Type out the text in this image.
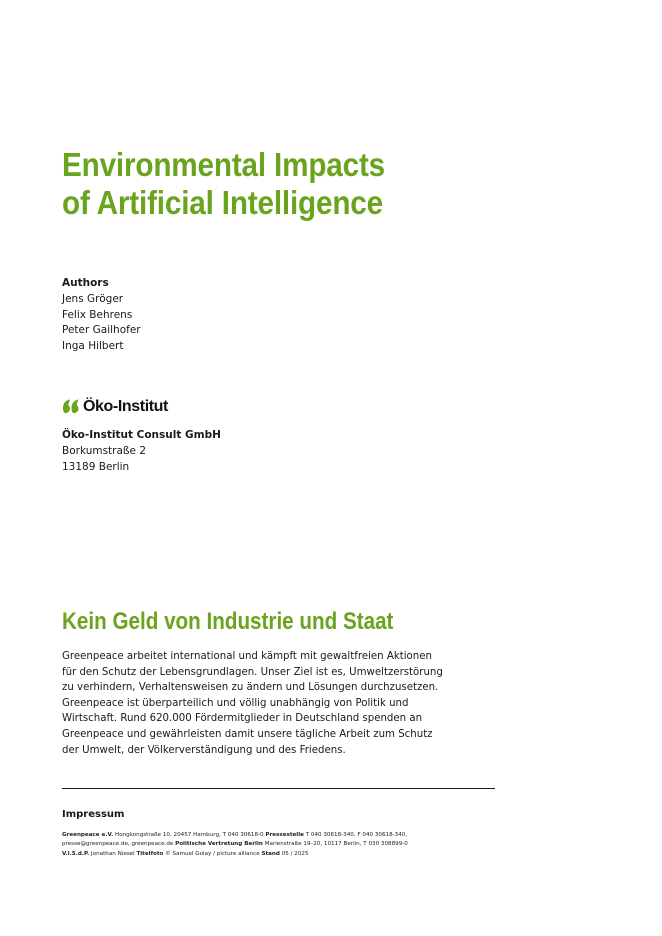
Environmental Impacts
of Artificial Intelligence
Authors
Jens Gröger
Felix Behrens
Peter Gailhofer
Inga Hilbert
Öko-Institut
Öko-Institut Consult GmbH
Borkumstraße 2
13189 Berlin
Kein Geld von Industrie und Staat
Greenpeace arbeitet international und kämpft mit gewaltfreien Aktionen
für den Schutz der Lebensgrundlagen. Unser Ziel ist es, Umweltzerstörung
zu verhindern, Verhaltensweisen zu ändern und Lösungen durchzusetzen.
Greenpeace ist überparteilich und völlig unabhängig von Politik und
Wirtschaft. Rund 620.000 Fördermitglieder in Deutschland spenden an
Greenpeace und gewährleisten damit unsere tägliche Arbeit zum Schutz
der Umwelt, der Völkerverständigung und des Friedens.
Impressum
Greenpeace e.V. Hongkongstraße 10, 20457 Hamburg, T 040 30618-0 Pressestelle T 040 30618-340, F 040 30618-340,
presse@greenpeace.de, greenpeace.de Politische Vertretung Berlin Marienstraße 19–20, 10117 Berlin, T 030 308899-0
V.i.S.d.P. Jonathan Niesel Titelfoto © Samuel Golay / picture alliance Stand 05 / 2025
